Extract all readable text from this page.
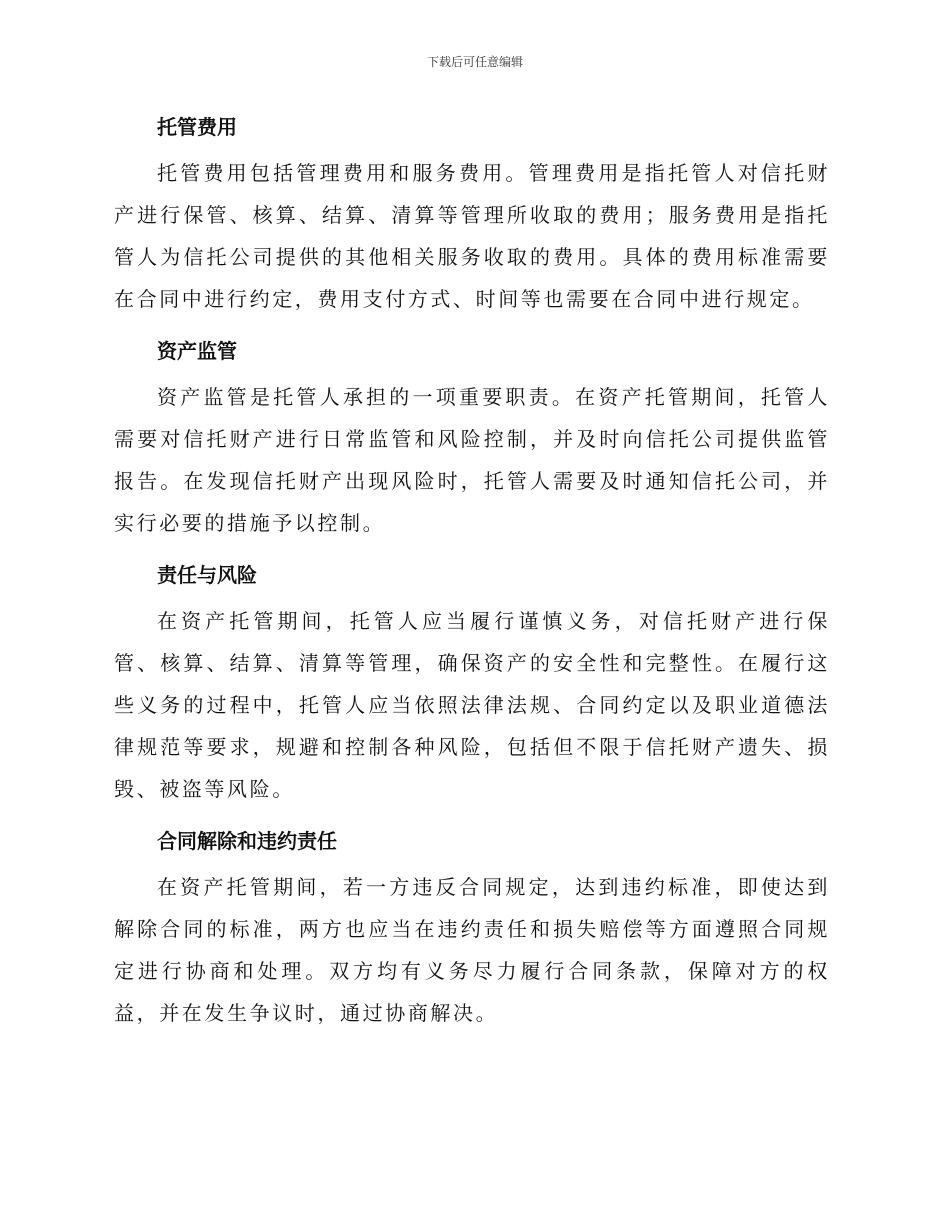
下载后可任意编辑
托管费用

托管费用包括管理费用和服务费用。管理费用是指托管人对信托财产进行保管、核算、结算、清算等管理所收取的费用；服务费用是指托管人为信托公司提供的其他相关服务收取的费用。具体的费用标准需要在合同中进行约定，费用支付方式、时间等也需要在合同中进行规定。

资产监管

资产监管是托管人承担的一项重要职责。在资产托管期间，托管人需要对信托财产进行日常监管和风险控制，并及时向信托公司提供监管报告。在发现信托财产出现风险时，托管人需要及时通知信托公司，并实行必要的措施予以控制。

责任与风险

在资产托管期间，托管人应当履行谨慎义务，对信托财产进行保管、核算、结算、清算等管理，确保资产的安全性和完整性。在履行这些义务的过程中，托管人应当依照法律法规、合同约定以及职业道德法律规范等要求，规避和控制各种风险，包括但不限于信托财产遗失、损毁、被盗等风险。

合同解除和违约责任

在资产托管期间，若一方违反合同规定，达到违约标准，即使达到解除合同的标准，两方也应当在违约责任和损失赔偿等方面遵照合同规定进行协商和处理。双方均有义务尽力履行合同条款，保障对方的权益，并在发生争议时，通过协商解决。
